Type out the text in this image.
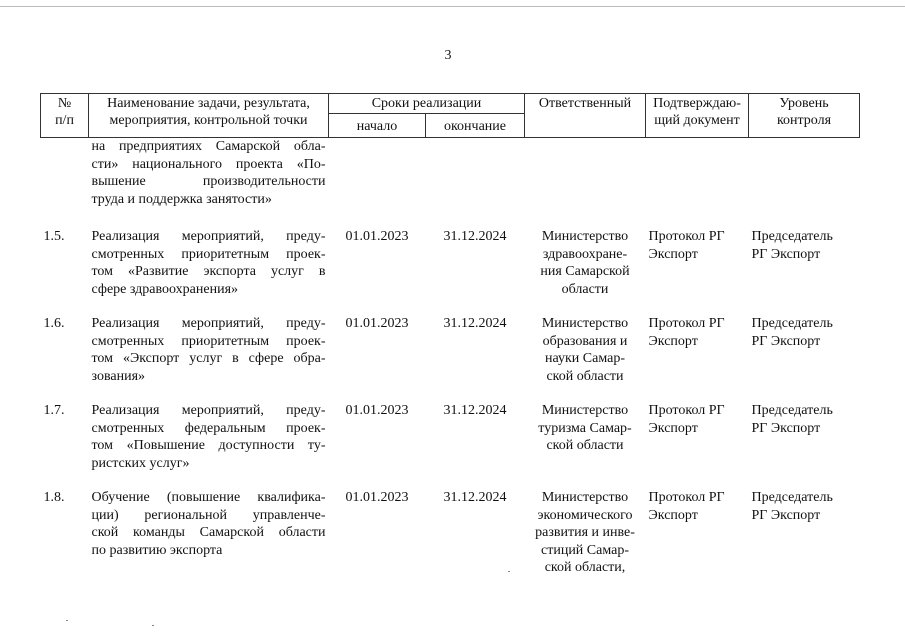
3
№
п/п	Наименование задачи, результата,
мероприятия, контрольной точки	Сроки реализации		Ответственный	Подтверждаю-
щий документ	Уровень
контроля

		начало	окончание			

	на предприятиях Самарской обла-
сти» национального проекта «По-
вышение производительности
труда и поддержка занятости»					

1.5.	Реализация мероприятий, преду-
смотренных приоритетным проек-
том «Развитие экспорта услуг в
сфере здравоохранения»	01.01.2023	31.12.2024	Министерство
здравоохране-
ния Самарской
области	Протокол РГ
Экспорт	Председатель
РГ Экспорт

1.6.	Реализация мероприятий, преду-
смотренных приоритетным проек-
том «Экспорт услуг в сфере обра-
зования»	01.01.2023	31.12.2024	Министерство
образования и
науки Самар-
ской области	Протокол РГ
Экспорт	Председатель
РГ Экспорт

1.7.	Реализация мероприятий, преду-
смотренных федеральным проек-
том «Повышение доступности ту-
ристских услуг»	01.01.2023	31.12.2024	Министерство
туризма Самар-
ской области	Протокол РГ
Экспорт	Председатель
РГ Экспорт

1.8.	Обучение (повышение квалифика-
ции) региональной управленче-
ской команды Самарской области
по развитию экспорта	01.01.2023	31.12.2024	Министерство
экономического
развития и инве-
стиций Самар-
ской области,	Протокол РГ
Экспорт	Председатель
РГ Экспорт
